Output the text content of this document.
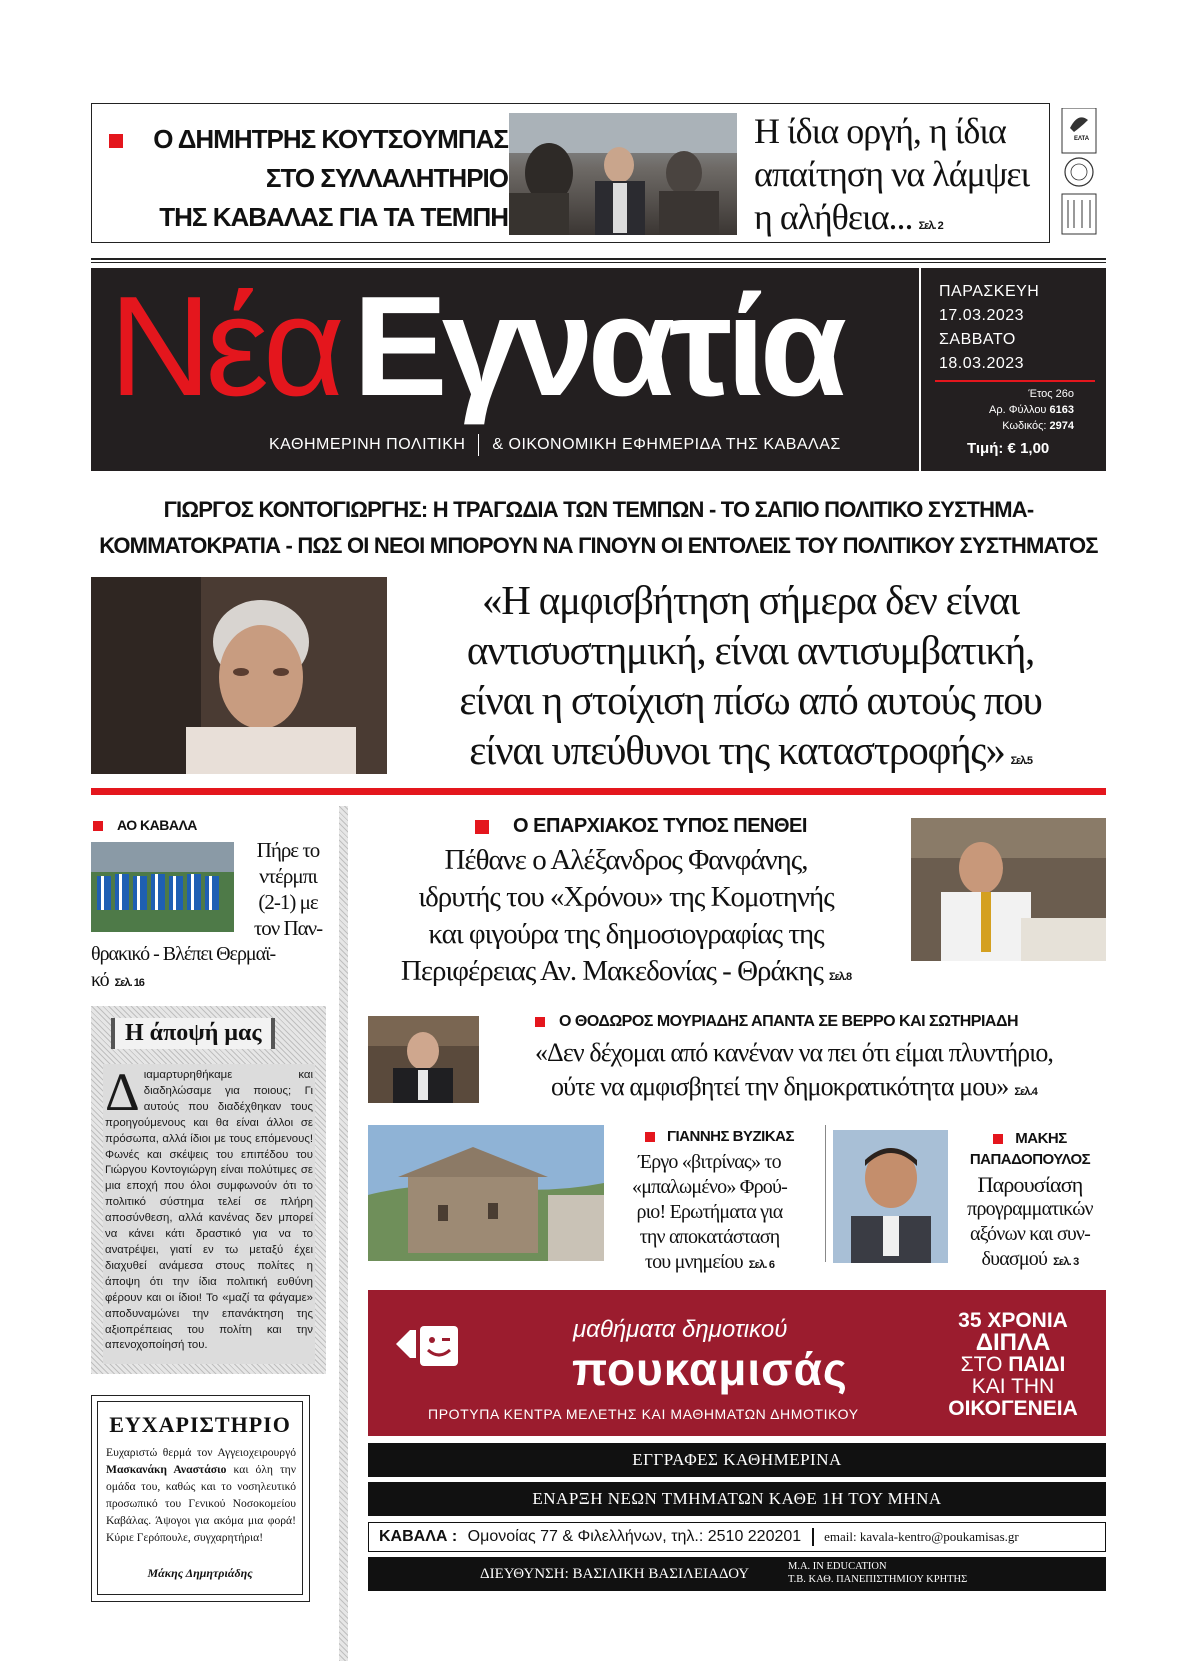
Ο ΔΗΜΗΤΡΗΣ ΚΟΥΤΣΟΥΜΠΑΣ
ΣΤΟ ΣΥΛΛΑΛΗΤΗΡΙΟ
ΤΗΣ ΚΑΒΑΛΑΣ ΓΙΑ ΤΑ ΤΕΜΠΗ
Η ίδια οργή, η ίδια
απαίτηση να λάμψει
η αλήθεια... Σελ. 2
ΕΛΤΑ
ΝέαΕγνατία
ΚΑΘΗΜΕΡΙΝΗ ΠΟΛΙΤΙΚΗ & ΟΙΚΟΝΟΜΙΚΗ ΕΦΗΜΕΡΙΔΑ ΤΗΣ ΚΑΒΑΛΑΣ
ΠΑΡΑΣΚΕΥΗ
17.03.2023
ΣΑΒΒΑΤΟ
18.03.2023
Έτος 26ο
Αρ. Φύλλου 6163
Κωδικός: 2974
Τιμή: € 1,00
ΓΙΩΡΓΟΣ ΚΟΝΤΟΓΙΩΡΓΗΣ: Η ΤΡΑΓΩΔΙΑ ΤΩΝ ΤΕΜΠΩΝ - ΤΟ ΣΑΠΙΟ ΠΟΛΙΤΙΚΟ ΣΥΣΤΗΜΑ-
ΚΟΜΜΑΤΟΚΡΑΤΙΑ - ΠΩΣ ΟΙ ΝΕΟΙ ΜΠΟΡΟΥΝ ΝΑ ΓΙΝΟΥΝ ΟΙ ΕΝΤΟΛΕΙΣ ΤΟΥ ΠΟΛΙΤΙΚΟΥ ΣΥΣΤΗΜΑΤΟΣ
«Η αμφισβήτηση σήμερα δεν είναι
αντισυστημική, είναι αντισυμβατική,
είναι η στοίχιση πίσω από αυτούς που
είναι υπεύθυνοι της καταστροφής» Σελ.5
ΑΟ ΚΑΒΑΛΑ
Πήρε το
ντέρμπι
(2-1) με
τον Παν-
θρακικό - Βλέπει Θερμαϊ-
κό Σελ. 16
Η άποψή μας
Διαμαρτυρηθήκαμε και διαδηλώσαμε για ποιους; Γι αυτούς που διαδέχθηκαν τους προηγούμενους και θα είναι άλλοι σε πρόσωπα, αλλά ίδιοι με τους επόμενους! Φωνές και σκέψεις του επιπέδου του Γιώργου Κοντογιώργη είναι πολύτιμες σε μια εποχή που όλοι συμφωνούν ότι το πολιτικό σύστημα τελεί σε πλήρη αποσύνθεση, αλλά κανένας δεν μπορεί να κάνει κάτι δραστικό για να το ανατρέψει, γιατί εν τω μεταξύ έχει διαχυθεί ανάμεσα στους πολίτες η άποψη ότι την ίδια πολιτική ευθύνη φέρουν και οι ίδιοι! Το «μαζί τα φάγαμε» αποδυναμώνει την επανάκτηση της αξιοπρέπειας του πολίτη και την απενοχοποίησή του.
ΕΥΧΑΡΙΣΤΗΡΙΟ
Ευχαριστώ θερμά τον Αγγειοχειρουργό Μασκανάκη Αναστάσιο και όλη την ομάδα του, καθώς και το νοσηλευτικό προσωπικό του Γενικού Νοσοκομείου Καβάλας. Άψογοι για ακόμα μια φορά! Κύριε Γερόπουλε, συγχαρητήρια!
Μάκης Δημητριάδης
Ο ΕΠΑΡΧΙΑΚΟΣ ΤΥΠΟΣ ΠΕΝΘΕΙ
Πέθανε ο Αλέξανδρος Φανφάνης,
ιδρυτής του «Χρόνου» της Κομοτηνής
και φιγούρα της δημοσιογραφίας της
Περιφέρειας Αν. Μακεδονίας - Θράκης Σελ.8
Ο ΘΟΔΩΡΟΣ ΜΟΥΡΙΑΔΗΣ ΑΠΑΝΤΑ ΣΕ ΒΕΡΡΟ ΚΑΙ ΣΩΤΗΡΙΑΔΗ
«Δεν δέχομαι από κανέναν να πει ότι είμαι πλυντήριο,
ούτε να αμφισβητεί την δημοκρατικότητα μου» Σελ.4
ΓΙΑΝΝΗΣ ΒΥΖΙΚΑΣ
Έργο «βιτρίνας» το
«μπαλωμένο» Φρού-
ριο! Ερωτήματα για
την αποκατάσταση
του μνημείου Σελ. 6
ΜΑΚΗΣ
ΠΑΠΑΔΟΠΟΥΛΟΣ
Παρουσίαση
προγραμματικών
αξόνων και συν-
δυασμού Σελ. 3
μαθήματα δημοτικού
πουκαμισάς
ΠΡΟΤΥΠΑ ΚΕΝΤΡΑ ΜΕΛΕΤΗΣ ΚΑΙ ΜΑΘΗΜΑΤΩΝ ΔΗΜΟΤΙΚΟΥ
35 ΧΡΟΝΙΑ
ΔΙΠΛΑ
ΣΤΟ ΠΑΙΔΙ
ΚΑΙ ΤΗΝ
ΟΙΚΟΓΕΝΕΙΑ
ΕΓΓΡΑΦΕΣ ΚΑΘΗΜΕΡΙΝΑ
ΕΝΑΡΞΗ ΝΕΩΝ ΤΜΗΜΑΤΩΝ ΚΑΘΕ 1Η ΤΟΥ ΜΗΝΑ
ΚΑΒΑΛΑ : Ομονοίας 77 & Φιλελλήνων, τηλ.: 2510 220201 email: kavala-kentro@poukamisas.gr
ΔΙΕΥΘΥΝΣΗ: ΒΑΣΙΛΙΚΗ ΒΑΣΙΛΕΙΑΔΟΥ	Μ.Α. IN EDUCATION
Τ.Β. ΚΑΘ. ΠΑΝΕΠΙΣΤΗΜΙΟΥ ΚΡΗΤΗΣ
